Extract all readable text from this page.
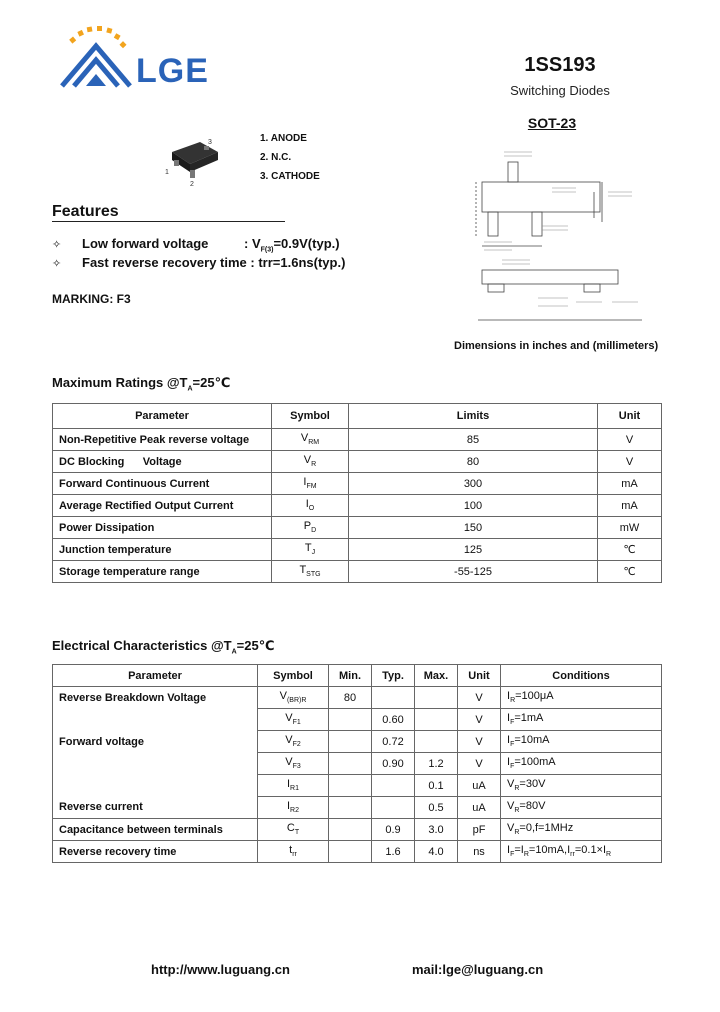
LGE	1SS193
Switching Diodes
SOT-23
1
2
3	1. ANODE
2. N.C.
3. CATHODE
Features
✧ Low forward voltage	: $V_{F(3)}=0.9V(typ.)$
✧ Fast reverse recovery time : trr=1.6ns(typ.)
MARKING: F3
Dimensions in inches and (millimeters)
Maximum Ratings $@T_A=25℃$
Parameter	Symbol	Limits	Unit
Non-Repetitive Peak reverse voltage	$V_{RM}$	85	V
DC Blocking      Voltage	$V_R$	80	V
Forward Continuous Current	$I_{FM}$	300	mA
Average Rectified Output Current	$I_O$	100	mA
Power Dissipation	$P_D$	150	mW
Junction temperature	$T_J$	125	℃
Storage temperature range	$T_{STG}$	-55-125	℃
Electrical Characteristics $@T_A=25℃$
Parameter	Symbol	Min.	Typ.	Max.	Unit	Conditions
Reverse Breakdown Voltage	$V_{(BR)R}$	80			V	$I_R=100\mu A$
	$V_{F1}$		0.60		V	$I_F=1mA$
Forward voltage	$V_{F2}$		0.72		V	$I_F=10mA$
	$V_{F3}$		0.90	1.2	V	$I_F=100mA$
	$I_{R1}$			0.1	uA	$V_R=30V$
Reverse current	$I_{R2}$			0.5	uA	$V_R=80V$
Capacitance between terminals	$C_T$		0.9	3.0	pF	$V_R=0,f=1MHz$
Reverse recovery time	$t_{rr}$		1.6	4.0	ns	$I_F=I_R=10mA,I_{rr}=0.1\times I_R$
http://www.luguang.cn	mail:lge@luguang.cn
